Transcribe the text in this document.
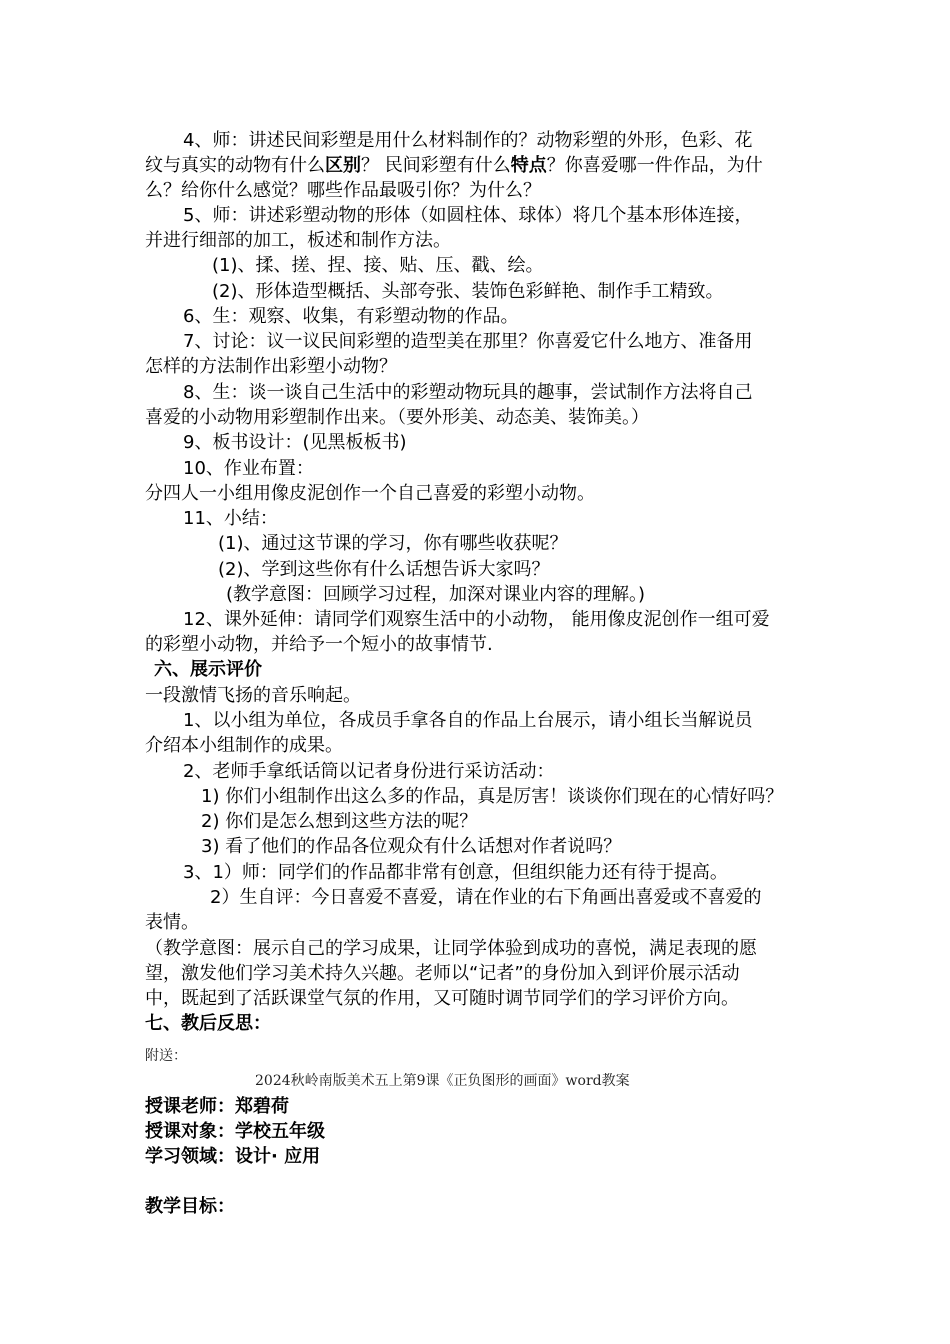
4、师：讲述民间彩塑是用什么材料制作的？动物彩塑的外形，色彩、花
纹与真实的动物有什么区别？ 民间彩塑有什么特点？你喜爱哪一件作品，为什
么？给你什么感觉？哪些作品最吸引你？为什么？
5、师：讲述彩塑动物的形体（如圆柱体、球体）将几个基本形体连接，
并进行细部的加工，板述和制作方法。
(1)、揉、搓、捏、接、贴、压、戳、绘。
(2)、形体造型概括、头部夸张、装饰色彩鲜艳、制作手工精致。
6、生：观察、收集，有彩塑动物的作品。
7、讨论：议一议民间彩塑的造型美在那里？你喜爱它什么地方、准备用
怎样的方法制作出彩塑小动物？
8、生：谈一谈自己生活中的彩塑动物玩具的趣事，尝试制作方法将自己
喜爱的小动物用彩塑制作出来。（要外形美、动态美、装饰美。）
9、板书设计：(见黑板板书)
10、作业布置：
分四人一小组用像皮泥创作一个自己喜爱的彩塑小动物。
11、小结：
(1)、通过这节课的学习，你有哪些收获呢？
(2)、学到这些你有什么话想告诉大家吗？
(教学意图：回顾学习过程，加深对课业内容的理解。)
12、课外延伸：请同学们观察生活中的小动物， 能用像皮泥创作一组可爱
的彩塑小动物，并给予一个短小的故事情节.
六、展示评价
一段激情飞扬的音乐响起。
1、以小组为单位，各成员手拿各自的作品上台展示，请小组长当解说员
介绍本小组制作的成果。
2、老师手拿纸话筒以记者身份进行采访活动：
1) 你们小组制作出这么多的作品，真是厉害！谈谈你们现在的心情好吗？
2) 你们是怎么想到这些方法的呢？
3) 看了他们的作品各位观众有什么话想对作者说吗？
3、1）师：同学们的作品都非常有创意，但组织能力还有待于提高。
2）生自评：今日喜爱不喜爱，请在作业的右下角画出喜爱或不喜爱的
表情。
（教学意图：展示自己的学习成果，让同学体验到成功的喜悦，满足表现的愿
望，激发他们学习美术持久兴趣。老师以“记者”的身份加入到评价展示活动
中，既起到了活跃课堂气氛的作用，又可随时调节同学们的学习评价方向。
七、教后反思：
附送：
2024秋岭南版美术五上第9课《正负图形的画面》word教案
授课老师：郑碧荷
授课对象：学校五年级
学习领域：设计· 应用
教学目标：
